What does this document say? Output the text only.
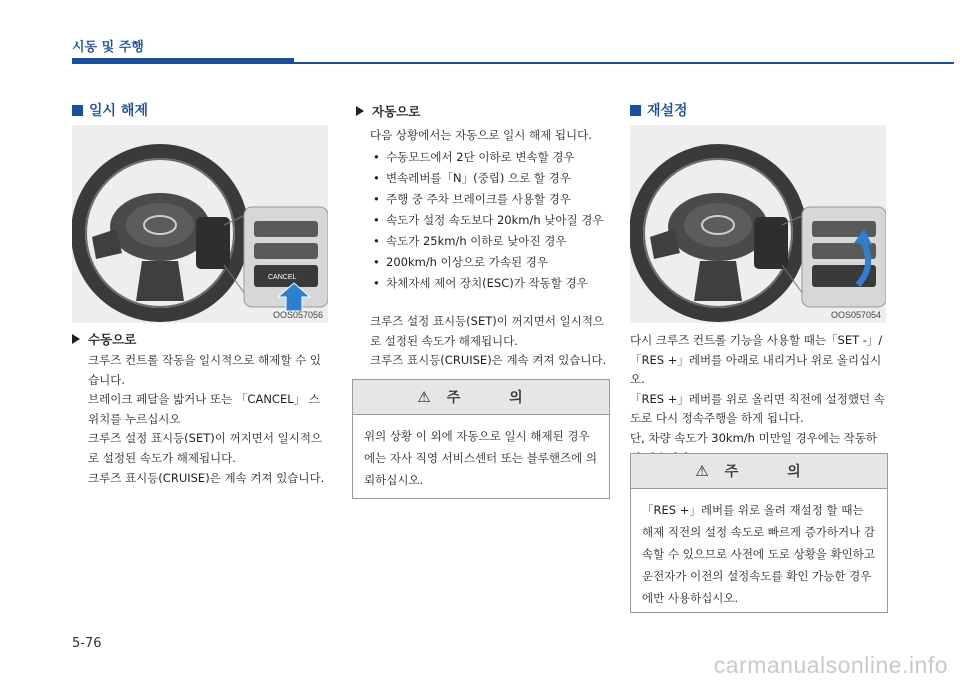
시동 및 주행
일시 해제
CANCEL
OOS057056
수동으로

크루즈 컨트롤 작동을 일시적으로 해제할 수 있습니다.

브레이크 페달을 밟거나 또는 「CANCEL」 스위치를 누르십시오

크루즈 설정 표시등(SET)이 꺼지면서 일시적으로 설정된 속도가 해제됩니다.

크루즈 표시등(CRUISE)은 계속 켜져 있습니다.

자동으로
다음 상황에서는 자동으로 일시 해제 됩니다.
• 수동모드에서 2단 이하로 변속할 경우
• 변속레버를「N」(중립) 으로 할 경우
• 주행 중 주차 브레이크를 사용할 경우
• 속도가 설정 속도보다 20km/h 낮아질 경우
• 속도가 25km/h 이하로 낮아진 경우
• 200km/h 이상으로 가속된 경우
• 차체자세 제어 장치(ESC)가 작동할 경우

크루즈 설정 표시등(SET)이 꺼지면서 일시적으로 설정된 속도가 해제됩니다.

크루즈 표시등(CRUISE)은 계속 켜져 있습니다.

⚠ 주 의
위의 상황 이 외에 자동으로 일시 해제된 경우에는 자사 직영 서비스센터 또는 블루핸즈에 의뢰하십시오.
재설정
OOS057054

다시 크루즈 컨트롤 기능을 사용할 때는「SET -」/「RES +」레버를 아래로 내리거나 위로 올리십시오.

「RES +」레버를 위로 올리면 직전에 설정했던 속도로 다시 정속주행을 하게 됩니다.

단, 차량 속도가 30km/h 미만일 경우에는 작동하

⚠ 주 의
「RES +」레버를 위로 올려 재설정 할 때는 해제 직전의 설정 속도로 빠르게 증가하거나 감속할 수 있으므로 사전에 도로 상황을 확인하고 운전자가 이전의 설정속도를 확인 가능한 경우에만 사용하십시오.
5-76
carmanualsonline.info
